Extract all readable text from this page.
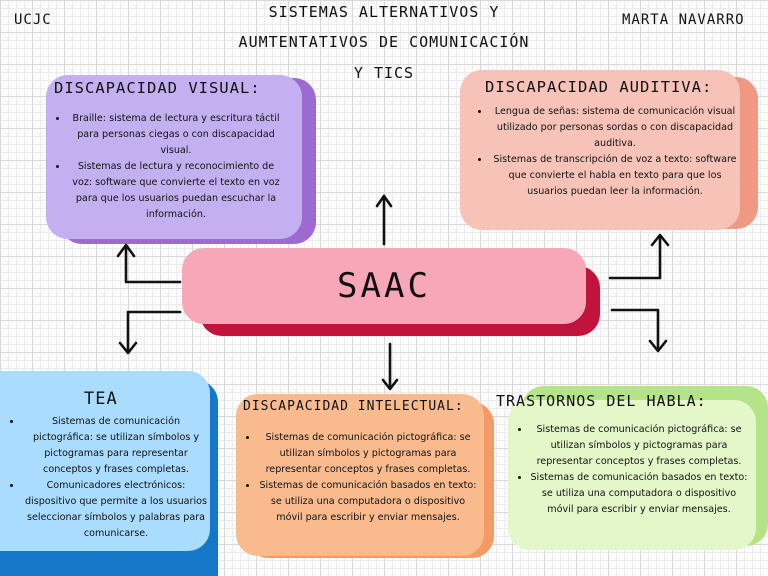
UCJC	MARTA NAVARRO
SISTEMAS ALTERNATIVOS Y
AUMTENTATIVOS DE COMUNICACIÓN
Y TICS
• Braille: sistema de lectura y escritura táctil para personas ciegas o con discapacidad visual.
• Sistemas de lectura y reconocimiento de voz: software que convierte el texto en voz para que los usuarios puedan escuchar la información.
DISCAPACIDAD VISUAL:
• Lengua de señas: sistema de comunicación visual utilizado por personas sordas o con discapacidad auditiva.
• Sistemas de transcripción de voz a texto: software que convierte el habla en texto para que los usuarios puedan leer la información.
DISCAPACIDAD AUDITIVA:
SAAC
• Sistemas de comunicación pictográfica: se utilizan símbolos y pictogramas para representar conceptos y frases completas.
• Comunicadores electrónicos: dispositivo que permite a los usuarios seleccionar símbolos y palabras para comunicarse.
TEA
• Sistemas de comunicación pictográfica: se utilizan símbolos y pictogramas para representar conceptos y frases completas.
• Sistemas de comunicación basados en texto: se utiliza una computadora o dispositivo móvil para escribir y enviar mensajes.
DISCAPACIDAD INTELECTUAL:
• Sistemas de comunicación pictográfica: se utilizan símbolos y pictogramas para representar conceptos y frases completas.
• Sistemas de comunicación basados en texto: se utiliza una computadora o dispositivo móvil para escribir y enviar mensajes.
TRASTORNOS DEL HABLA:
